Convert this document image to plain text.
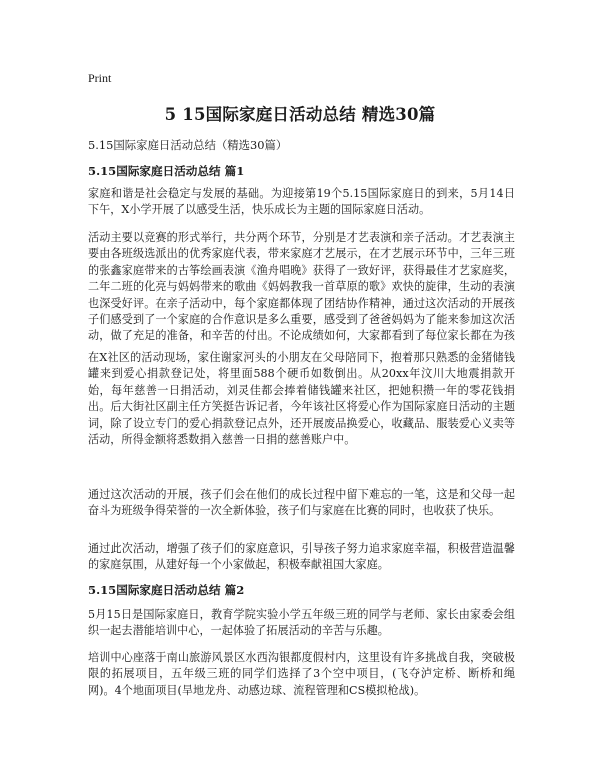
Print
5 15国际家庭日活动总结 精选30篇

5.15国际家庭日活动总结（精选30篇）

5.15国际家庭日活动总结 篇1

家庭和谐是社会稳定与发展的基础。为迎接第19个5.15国际家庭日的到来，5月14日下午，X小学开展了以感受生活，快乐成长为主题的国际家庭日活动。

活动主要以竞赛的形式举行，共分两个环节，分别是才艺表演和亲子活动。才艺表演主要由各班级选派出的优秀家庭代表，带来家庭才艺展示，在才艺展示环节中，三年三班的张鑫家庭带来的古筝绘画表演《渔舟唱晚》获得了一致好评，获得最佳才艺家庭奖，二年二班的化亮与妈妈带来的歌曲《妈妈教我一首草原的歌》欢快的旋律，生动的表演也深受好评。在亲子活动中，每个家庭都体现了团结协作精神，通过这次活动的开展孩子们感受到了一个家庭的合作意识是多么重要，感受到了爸爸妈妈为了能来参加这次活动，做了充足的准备，和辛苦的付出。不论成绩如何，大家都看到了每位家长都在为孩

在X社区的活动现场，家住谢家河头的小朋友在父母陪同下，抱着那只熟悉的金猪储钱罐来到爱心捐款登记处，将里面588个硬币如数倒出。从20xx年汶川大地震捐款开始，每年慈善一日捐活动，刘灵佳都会捧着储钱罐来社区，把她积攒一年的零花钱捐出。后大街社区副主任方笑挺告诉记者，今年该社区将爱心作为国际家庭日活动的主题词，除了设立专门的爱心捐款登记点外，还开展废品换爱心，收藏品、服装爱心义卖等活动，所得金额将悉数捐入慈善一日捐的慈善账户中。

通过这次活动的开展，孩子们会在他们的成长过程中留下难忘的一笔，这是和父母一起奋斗为班级争得荣誉的一次全新体验，孩子们与家庭在比赛的同时，也收获了快乐。

通过此次活动，增强了孩子们的家庭意识，引导孩子努力追求家庭幸福，积极营造温馨的家庭氛围，从建好每一个小家做起，积极奉献祖国大家庭。

5.15国际家庭日活动总结 篇2

5月15日是国际家庭日，教育学院实验小学五年级三班的同学与老师、家长由家委会组织一起去潜能培训中心，一起体验了拓展活动的辛苦与乐趣。

培训中心座落于南山旅游风景区水西沟银都度假村内，这里设有许多挑战自我，突破极限的拓展项目，五年级三班的同学们选择了3个空中项目，(飞夺泸定桥、断桥和绳网)。4个地面项目(旱地龙舟、动感边球、流程管理和CS模拟枪战)。
